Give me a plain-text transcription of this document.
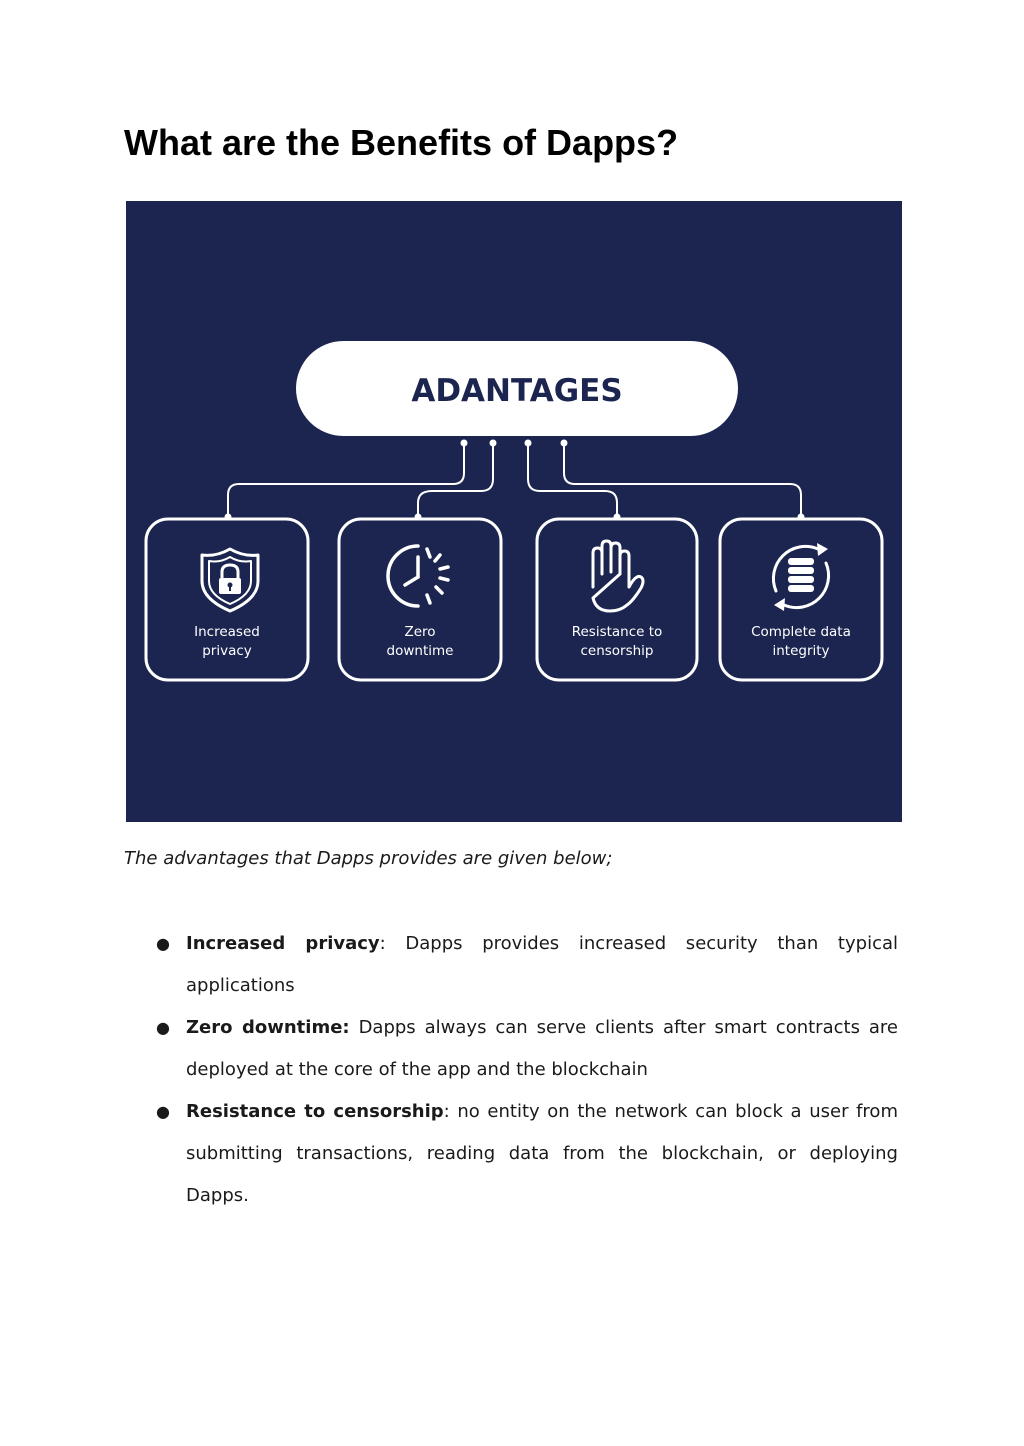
What are the Benefits of Dapps?
ADANTAGES
Increased
privacy
Zero
downtime
Resistance to
censorship
Complete data
integrity

The advantages that Dapps provides are given below;

● Increased privacy: Dapps provides increased security than typical applications
● Zero downtime: Dapps always can serve clients after smart contracts are deployed at the core of the app and the blockchain
● Resistance to censorship: no entity on the network can block a user from submitting transactions, reading data from the blockchain, or deploying Dapps.
